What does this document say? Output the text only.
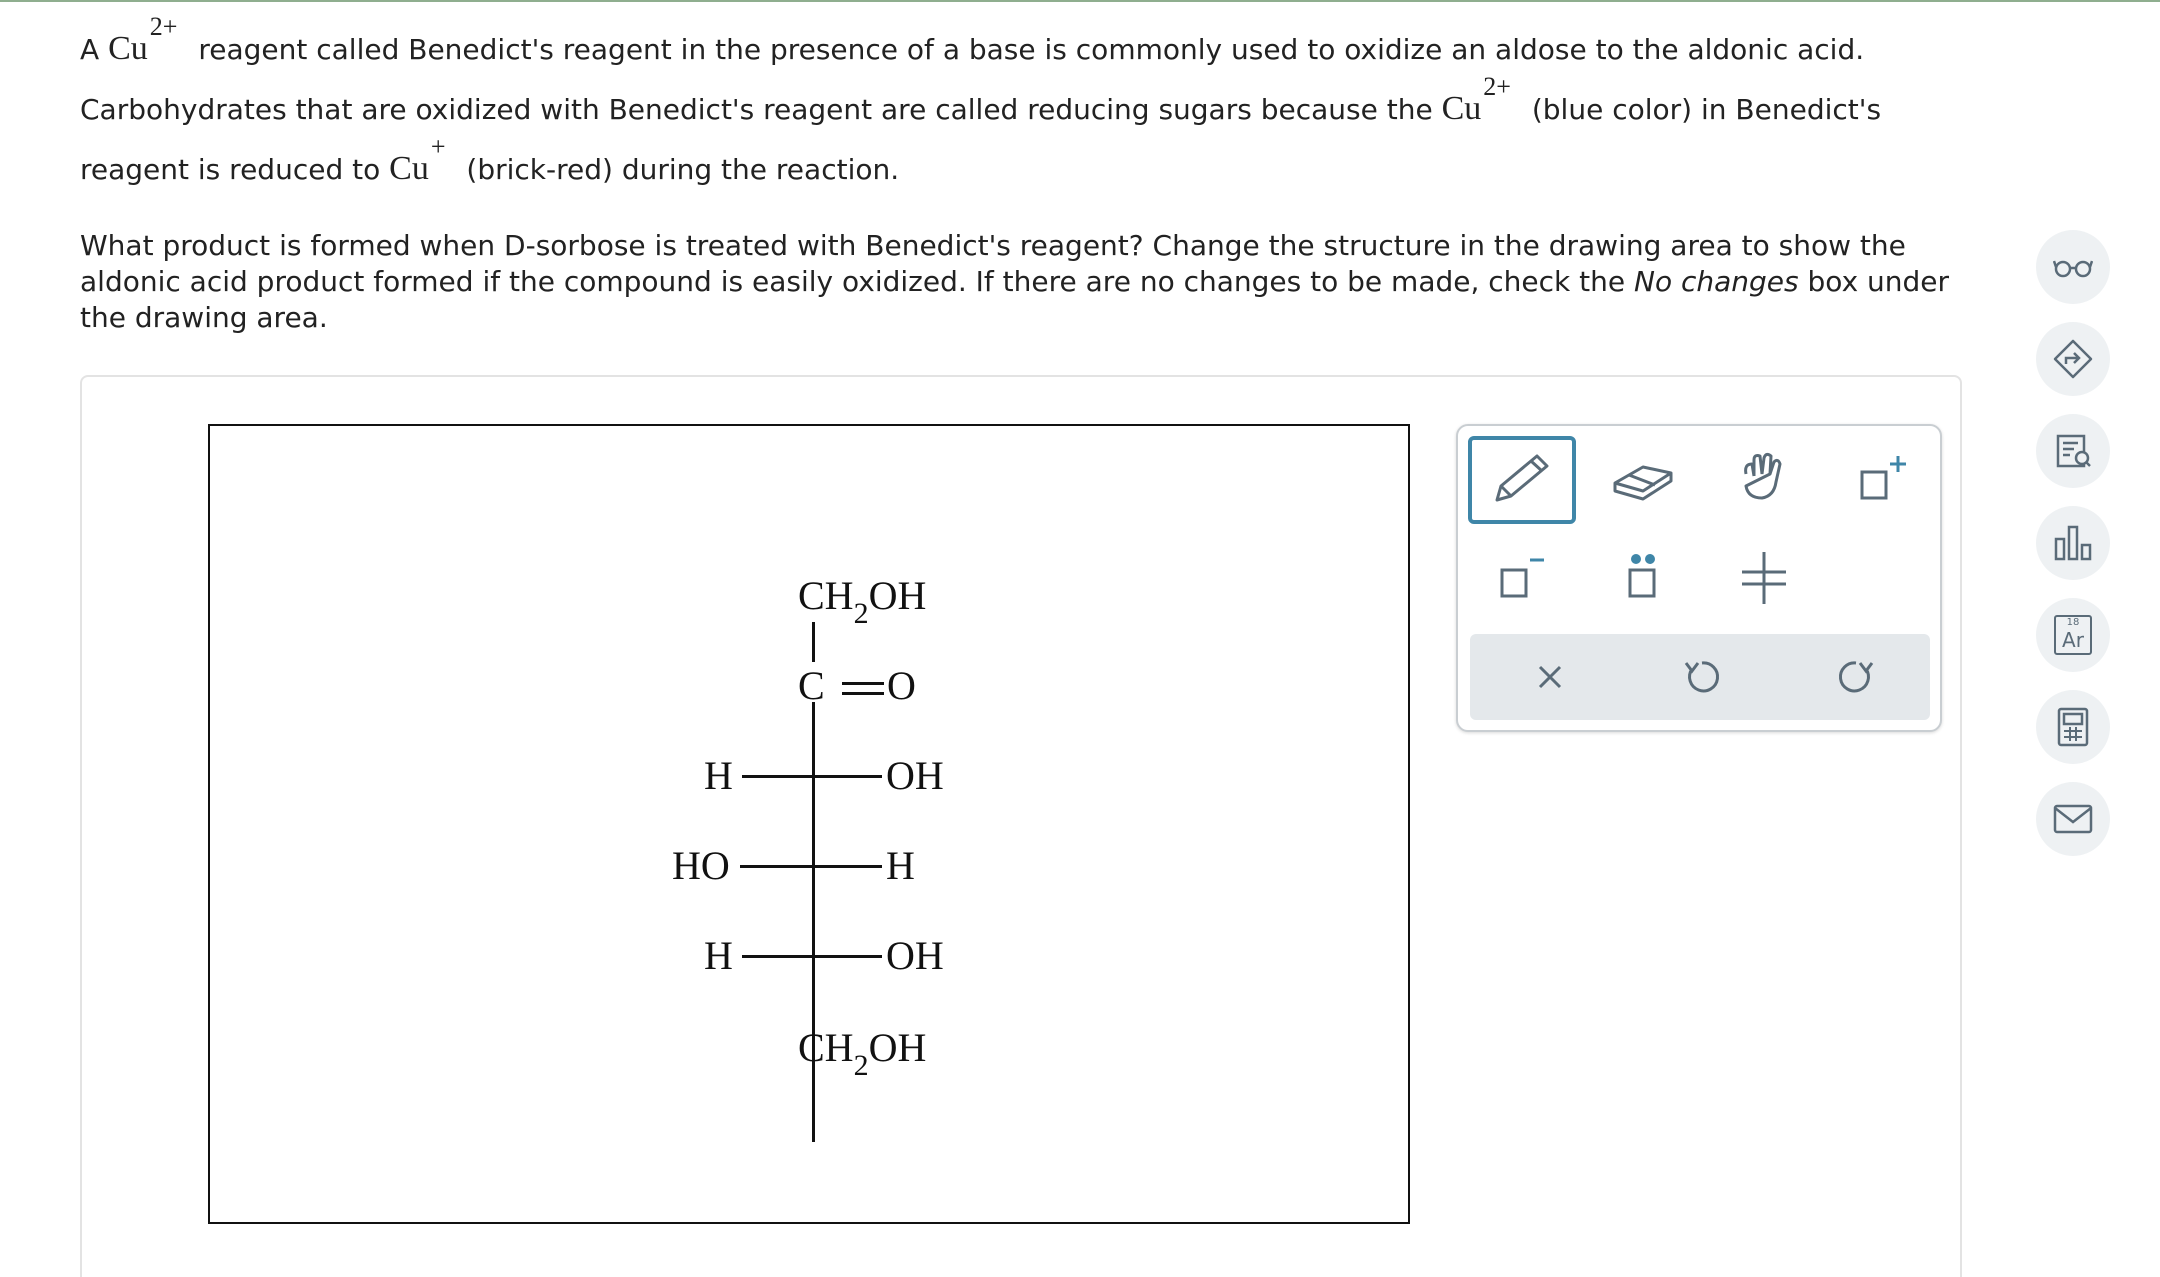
A Cu2+ reagent called Benedict's reagent in the presence of a base is commonly used to oxidize an aldose to the aldonic acid.
Carbohydrates that are oxidized with Benedict's reagent are called reducing sugars because the Cu2+ (blue color) in Benedict's
reagent is reduced to Cu+ (brick-red) during the reaction.
What product is formed when D-sorbose is treated with Benedict's reagent? Change the structure in the drawing area to show the aldonic acid product formed if the compound is easily oxidized. If there are no changes to be made, check the No changes box under the drawing area.
$CH_2OH$
C O
H	OH
HO	H
H	OH
$CH_2OH$
18
Ar
